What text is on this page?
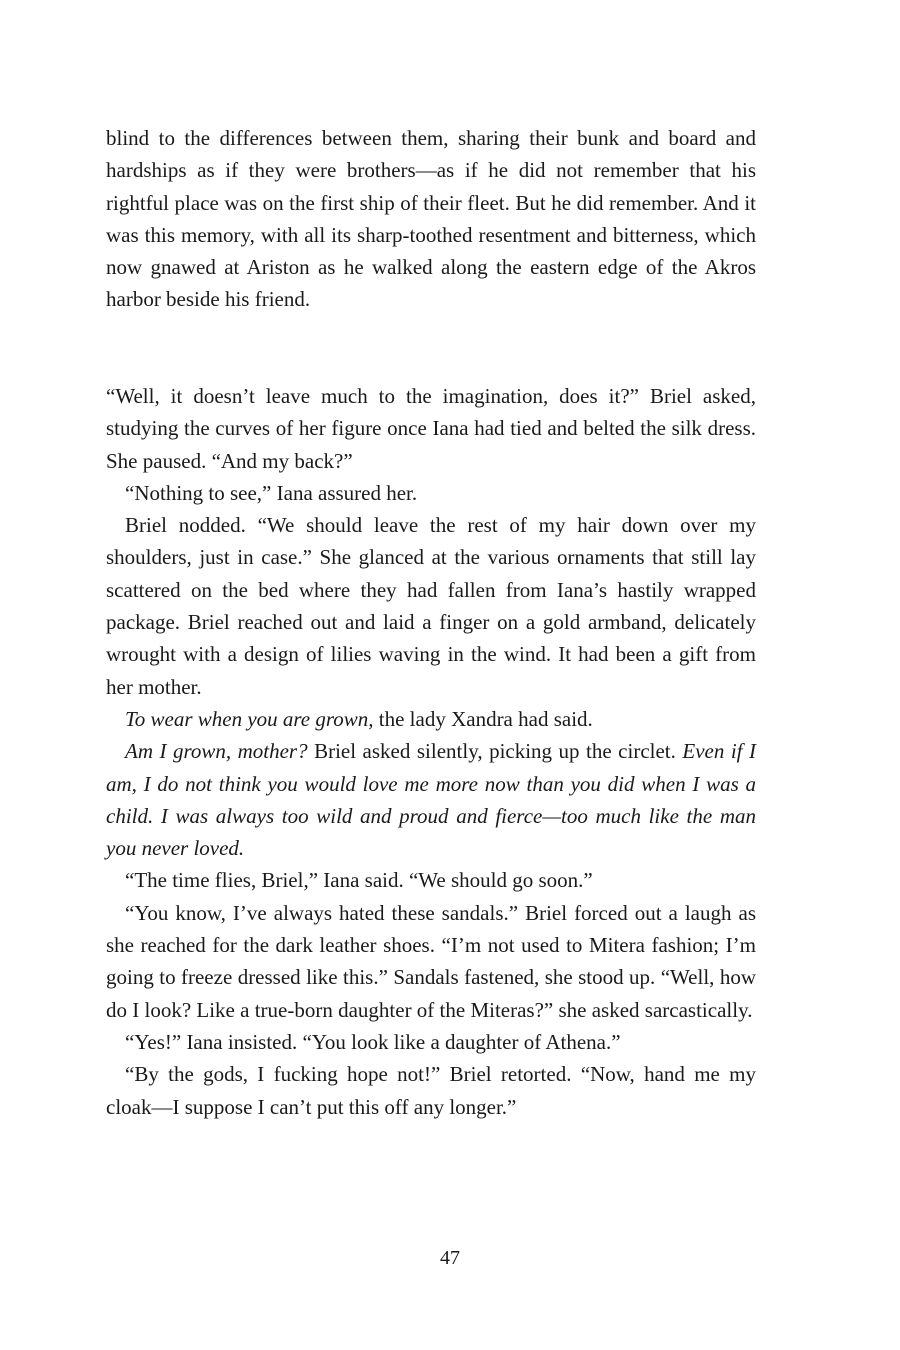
blind to the differences between them, sharing their bunk and board and hardships as if they were brothers—as if he did not remember that his rightful place was on the first ship of their fleet. But he did remember. And it was this memory, with all its sharp-toothed resentment and bitterness, which now gnawed at Ariston as he walked along the eastern edge of the Akros harbor beside his friend.

“Well, it doesn’t leave much to the imagination, does it?” Briel asked, studying the curves of her figure once Iana had tied and belted the silk dress. She paused. “And my back?”

“Nothing to see,” Iana assured her.

Briel nodded. “We should leave the rest of my hair down over my shoulders, just in case.” She glanced at the various ornaments that still lay scattered on the bed where they had fallen from Iana’s hastily wrapped package. Briel reached out and laid a finger on a gold armband, delicately wrought with a design of lilies waving in the wind. It had been a gift from her mother.

To wear when you are grown, the lady Xandra had said.

Am I grown, mother? Briel asked silently, picking up the circlet. Even if I am, I do not think you would love me more now than you did when I was a child. I was always too wild and proud and fierce—too much like the man you never loved.

“The time flies, Briel,” Iana said. “We should go soon.”

“You know, I’ve always hated these sandals.” Briel forced out a laugh as she reached for the dark leather shoes. “I’m not used to Mitera fashion; I’m going to freeze dressed like this.” Sandals fastened, she stood up. “Well, how do I look? Like a true-born daughter of the Miteras?” she asked sarcastically.

“Yes!” Iana insisted. “You look like a daughter of Athena.”

“By the gods, I fucking hope not!” Briel retorted. “Now, hand me my cloak—I suppose I can’t put this off any longer.”

47
